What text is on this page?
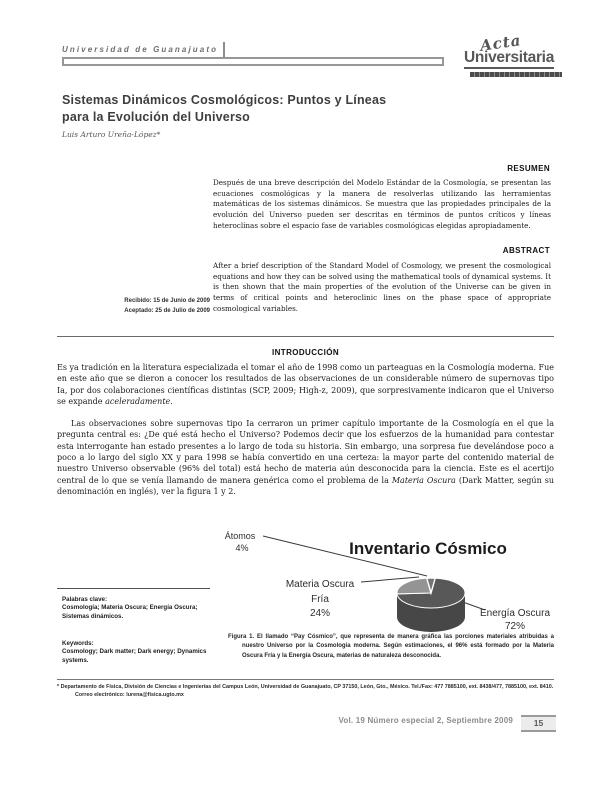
Universidad de Guanajuato	Acta
Universitaria
Sistemas Dinámicos Cosmológicos: Puntos y Líneas para la Evolución del Universo
Luis Arturo Ureña-López*
RESUMEN
Después de una breve descripción del Modelo Estándar de la Cosmología, se presentan las ecuaciones cosmológicas y la manera de resolverlas utilizando las herramientas matemáticas de los sistemas dinámicos. Se muestra que las propiedades principales de la evolución del Universo pueden ser descritas en términos de puntos críticos y líneas heteroclínas sobre el espacio fase de variables cosmológicas elegidas apropiadamente.
ABSTRACT
After a brief description of the Standard Model of Cosmology, we present the cosmological equations and how they can be solved using the mathematical tools of dynamical systems. It is then shown that the main properties of the evolution of the Universe can be given in terms of critical points and heteroclinic lines on the phase space of appropriate cosmological variables.
Recibido: 15 de Junio de 2009
Aceptado: 25 de Julio de 2009
INTRODUCCIÓN
Es ya tradición en la literatura especializada el tomar el año de 1998 como un parteaguas en la Cosmología moderna. Fue en este año que se dieron a conocer los resultados de las observaciones de un considerable número de supernovas tipo Ia, por dos colaboraciones científicas distintas (SCP, 2009; High-z, 2009), que sorpresivamente indicaron que el Universo se expande aceleradamente.
Las observaciones sobre supernovas tipo Ia cerraron un primer capítulo importante de la Cosmología en el que la pregunta central es: ¿De qué está hecho el Universo? Podemos decir que los esfuerzos de la humanidad para contestar esta interrogante han estado presentes a lo largo de toda su historia. Sin embargo, una sorpresa fue develándose poco a poco a lo largo del siglo XX y para 1998 se había convertido en una certeza: la mayor parte del contenido material de nuestro Universo observable (96% del total) está hecho de materia aún desconocida para la ciencia. Este es el acertijo central de lo que se venía llamando de manera genérica como el problema de la Materia Oscura (Dark Matter, según su denominación en inglés), ver la figura 1 y 2.
Inventario Cósmico
Átomos
4%
Materia Oscura
Fría
24%	Energía Oscura
72%
Figura 1. El llamado “Pay Cósmico”, que representa de manera gráfica las porciones materiales atribuidas a nuestro Universo por la Cosmología moderna. Según estimaciones, el 96% está formado por la Materia Oscura Fría y la Energía Oscura, materias de naturaleza desconocida.
Palabras clave:
Cosmología; Materia Oscura; Energía Oscura; Sistemas dinámicos.
Keywords:
Cosmology; Dark matter; Dark energy; Dynamics systems.
* Departamento de Física, División de Ciencias e Ingenierías del Campus León, Universidad de Guanajuato, CP 37150, León, Gto., México. Tel./Fax: 477 7885100, ext. 8438/477, 7885100, ext. 8410. Correo electrónico: lurena@fisica.ugto.mx
Vol. 19 Número especial 2, Septiembre 2009	15
